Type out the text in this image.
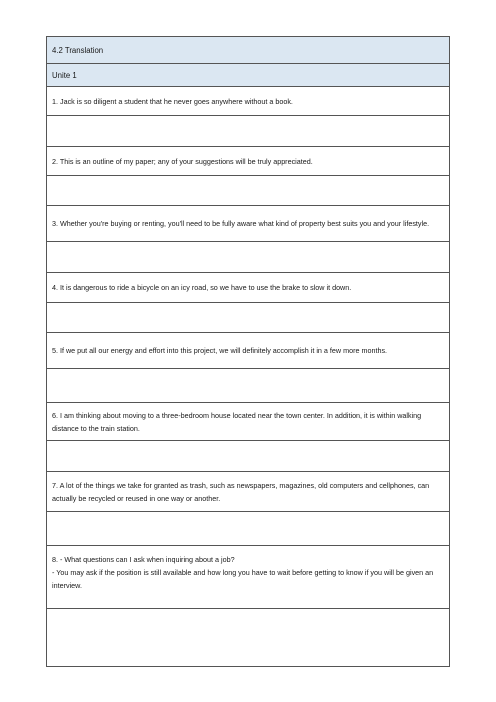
4.2 Translation
Unite 1
1. Jack is so diligent a student that he never goes anywhere without a book.
2. This is an outline of my paper; any of your suggestions will be truly appreciated.
3. Whether you're buying or renting, you'll need to be fully aware what kind of property best suits you and your lifestyle.
4. It is dangerous to ride a bicycle on an icy road, so we have to use the brake to slow it down.
5. If we put all our energy and effort into this project, we will definitely accomplish it in a few more months.
6. I am thinking about moving to a three-bedroom house located near the town center. In addition, it is within walking distance to the train station.
7. A lot of the things we take for granted as trash, such as newspapers, magazines, old computers and cellphones, can actually be recycled or reused in one way or another.
8. - What questions can I ask when inquiring about a job?
- You may ask if the position is still available and how long you have to wait before getting to know if you will be given an interview.
